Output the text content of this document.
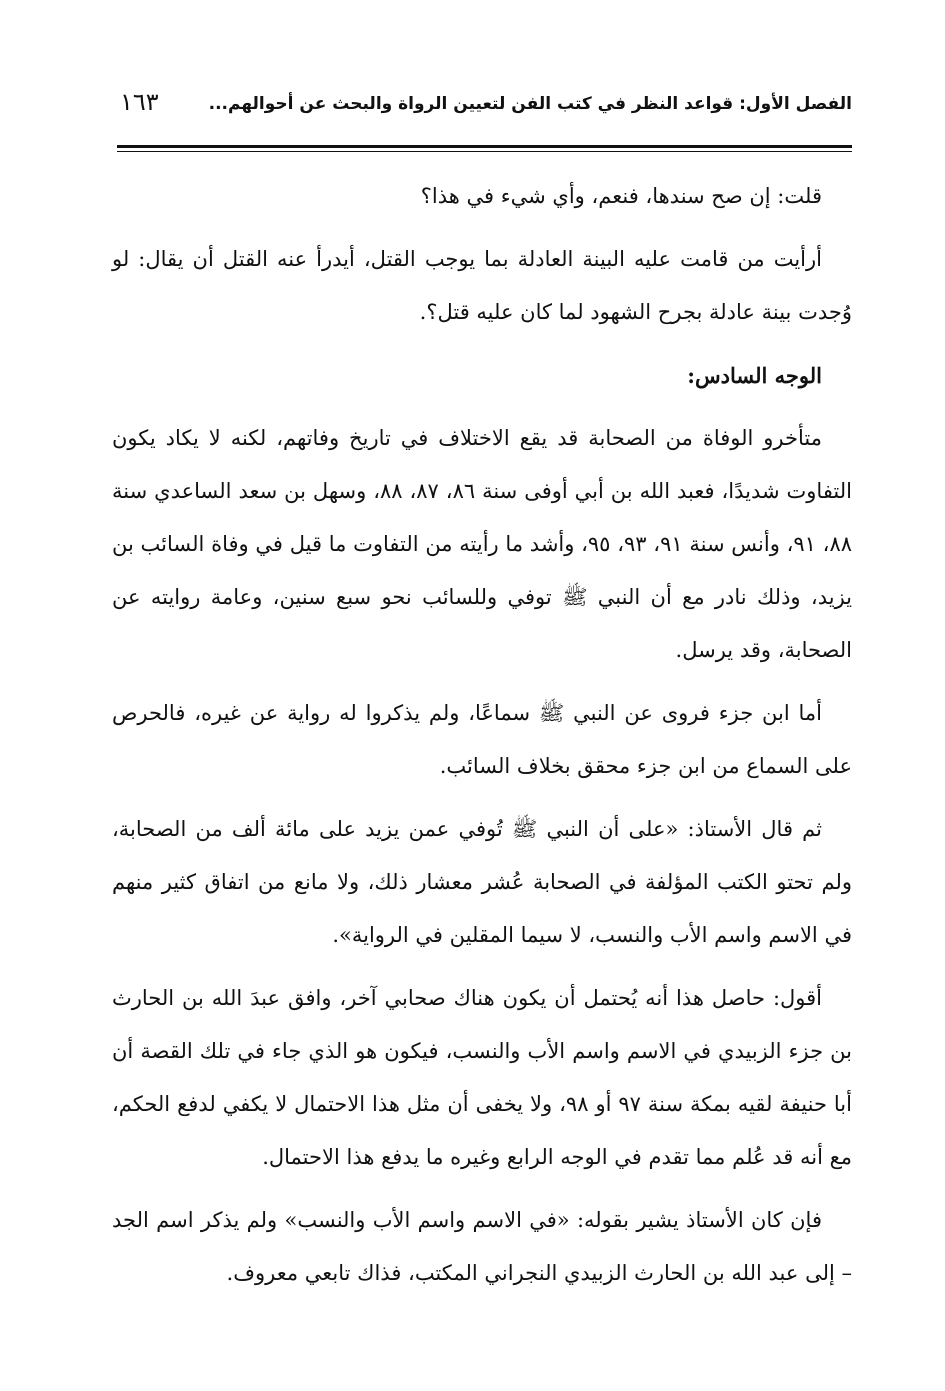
الفصل الأول: قواعد النظر في كتب الفن لتعيين الرواة والبحث عن أحوالهم...
١٦٣

قلت: إن صح سندها، فنعم، وأي شيء في هذا؟

أرأيت من قامت عليه البينة العادلة بما يوجب القتل، أيدرأ عنه القتل أن يقال: لو وُجدت بينة عادلة بجرح الشهود لما كان عليه قتل؟.

الوجه السادس:

متأخرو الوفاة من الصحابة قد يقع الاختلاف في تاريخ وفاتهم، لكنه لا يكاد يكون التفاوت شديدًا، فعبد الله بن أبي أوفى سنة ٨٦، ٨٧، ٨٨، وسهل بن سعد الساعدي سنة ٨٨، ٩١، وأنس سنة ٩١، ٩٣، ٩٥، وأشد ما رأيته من التفاوت ما قيل في وفاة السائب بن يزيد، وذلك نادر مع أن النبي ﷺ توفي وللسائب نحو سبع سنين، وعامة روايته عن الصحابة، وقد يرسل.

أما ابن جزء فروى عن النبي ﷺ سماعًا، ولم يذكروا له رواية عن غيره، فالحرص على السماع من ابن جزء محقق بخلاف السائب.

ثم قال الأستاذ: «على أن النبي ﷺ تُوفي عمن يزيد على مائة ألف من الصحابة، ولم تحتو الكتب المؤلفة في الصحابة عُشر معشار ذلك، ولا مانع من اتفاق كثير منهم في الاسم واسم الأب والنسب، لا سيما المقلين في الرواية».

أقول: حاصل هذا أنه يُحتمل أن يكون هناك صحابي آخر، وافق عبدَ الله بن الحارث بن جزء الزبيدي في الاسم واسم الأب والنسب، فيكون هو الذي جاء في تلك القصة أن أبا حنيفة لقيه بمكة سنة ٩٧ أو ٩٨، ولا يخفى أن مثل هذا الاحتمال لا يكفي لدفع الحكم، مع أنه قد عُلم مما تقدم في الوجه الرابع وغيره ما يدفع هذا الاحتمال.

فإن كان الأستاذ يشير بقوله: «في الاسم واسم الأب والنسب» ولم يذكر اسم الجد – إلى عبد الله بن الحارث الزبيدي النجراني المكتب، فذاك تابعي معروف.
